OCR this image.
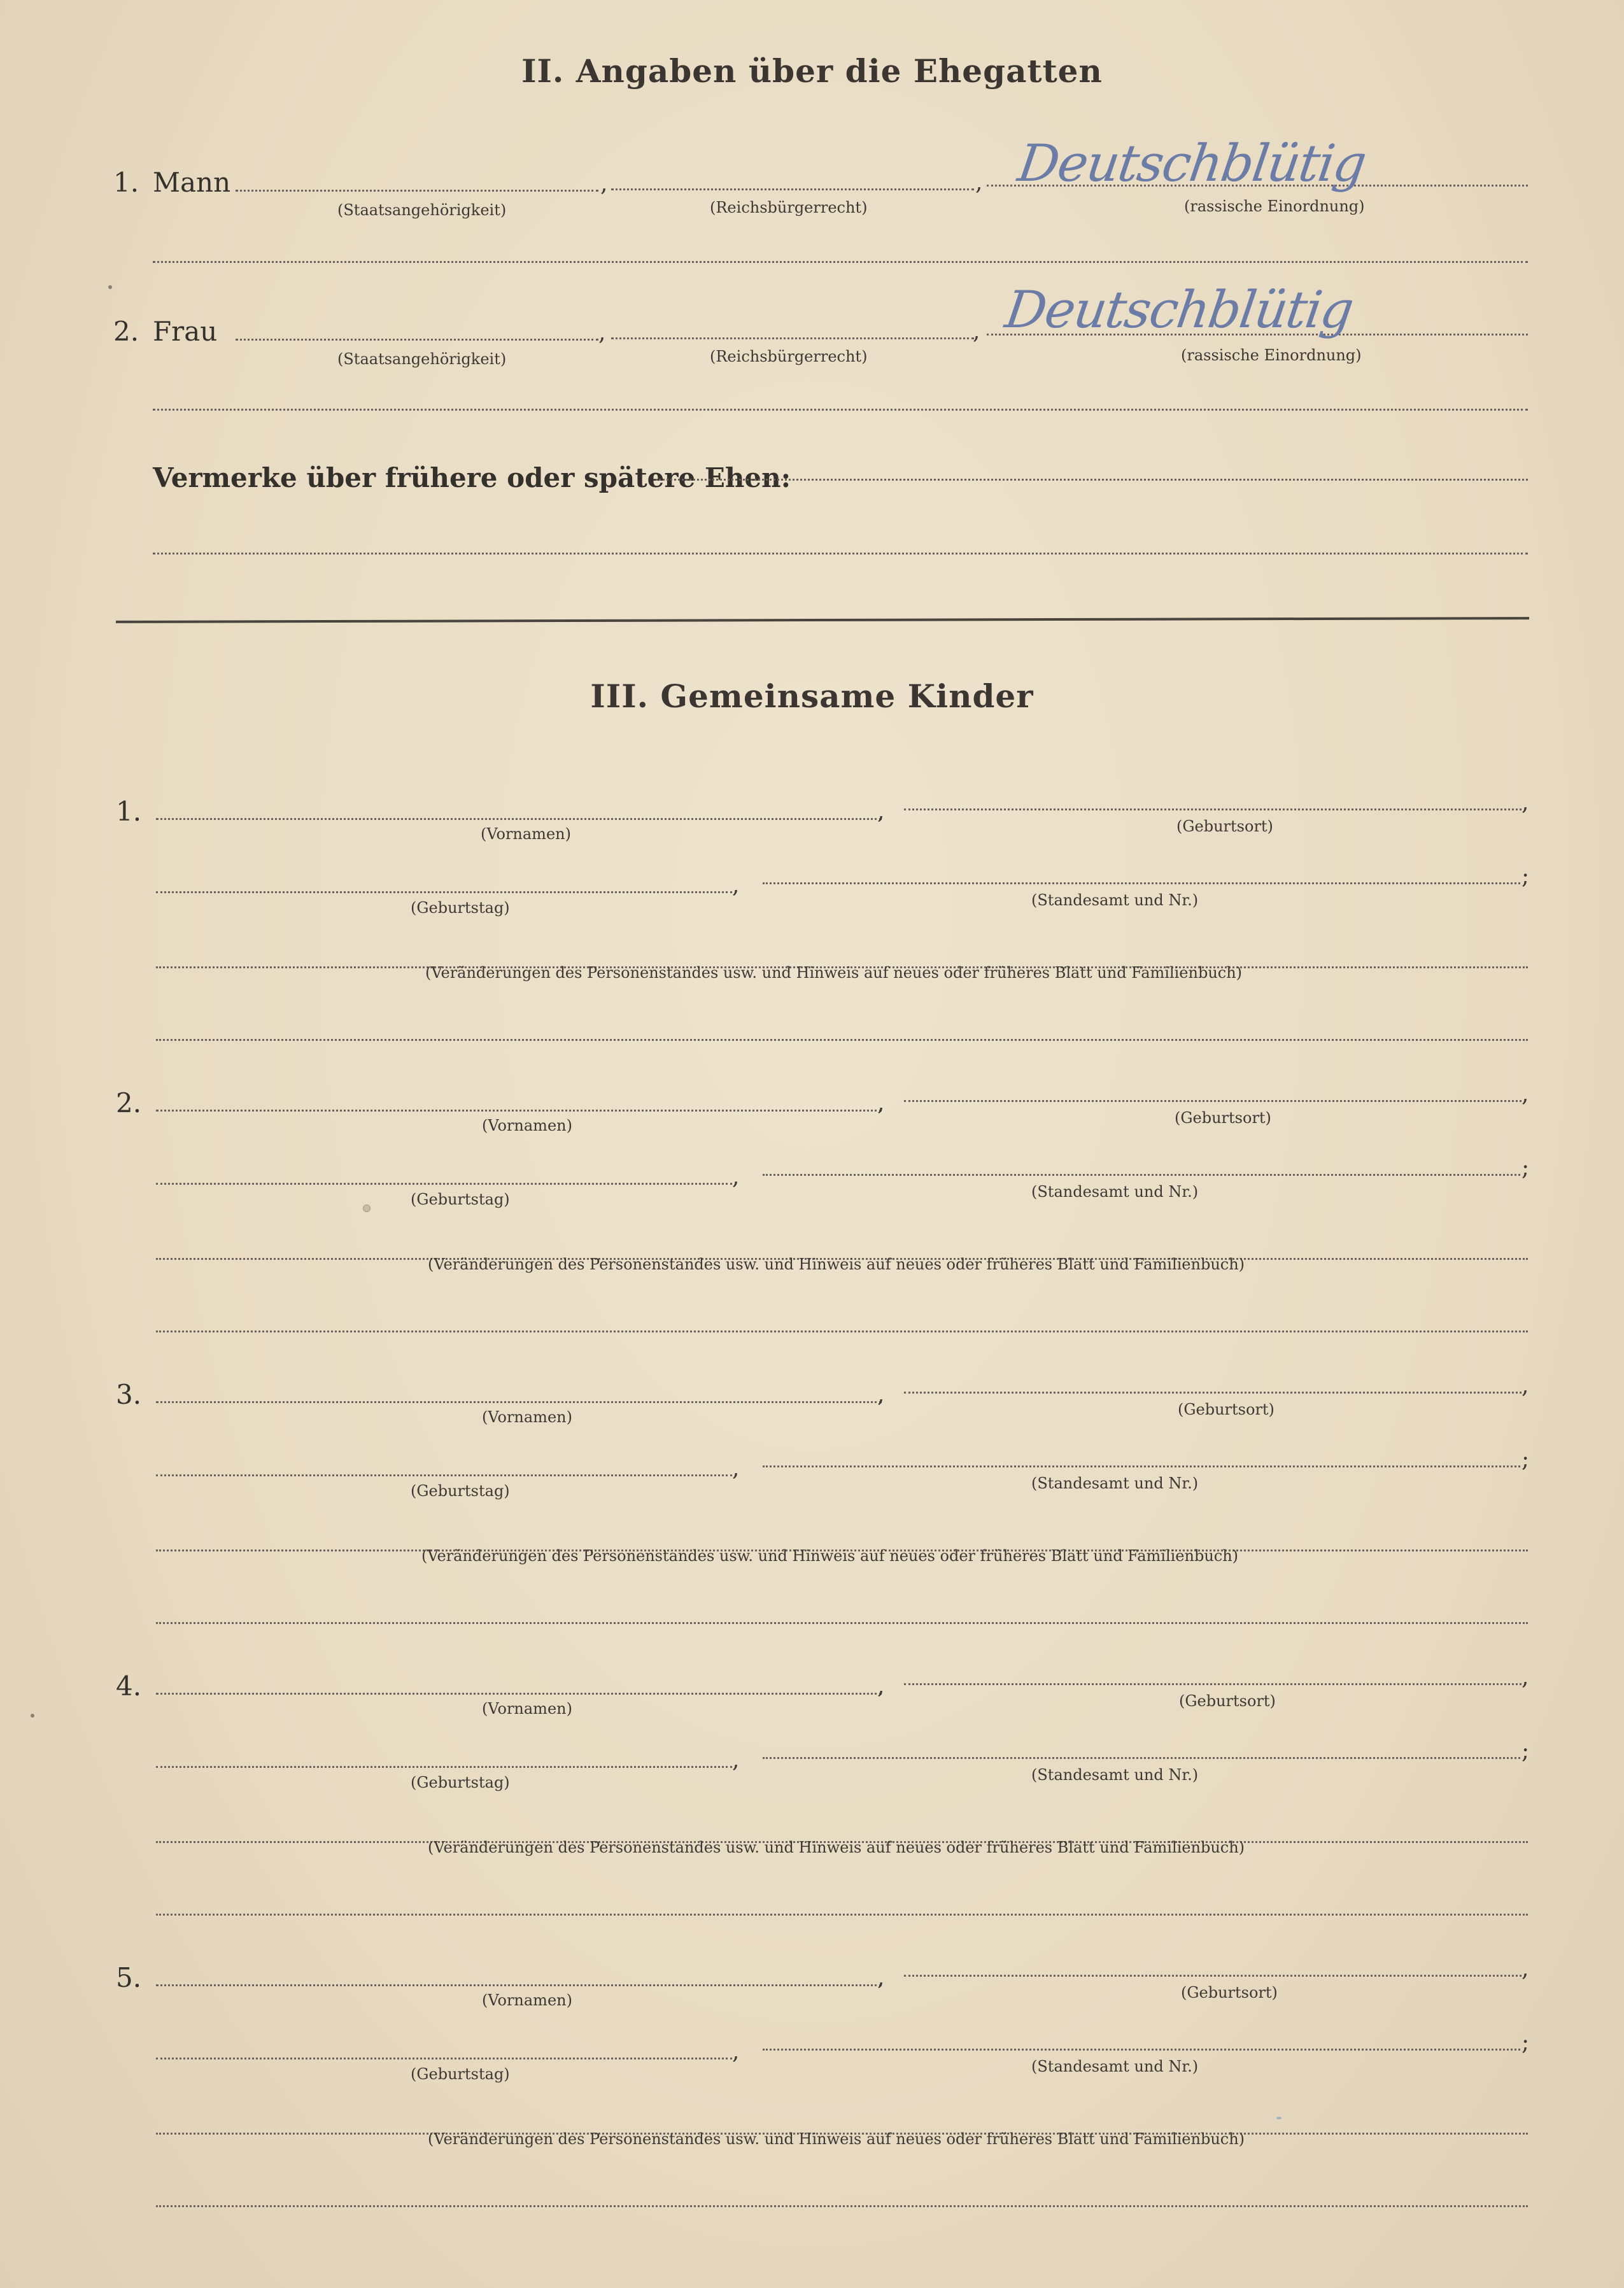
II. Angaben über die Ehegatten
1. Mann	,	, Deutschblütig
(Staatsangehörigkeit)	(Reichsbürgerrecht)	(rassische Einordnung)
2. Frau	,	, Deutschblütig
(Staatsangehörigkeit)	(Reichsbürgerrecht)	(rassische Einordnung)
Vermerke über frühere oder spätere Ehen:
III. Gemeinsame Kinder
1.	,	,
(Vornamen)	(Geburtsort)
,	;
(Geburtstag)	(Standesamt und Nr.)
(Veränderungen des Personenstandes usw. und Hinweis auf neues oder früheres Blatt und Familienbuch)
2.	,	,
(Vornamen)	(Geburtsort)
,	;
(Geburtstag)	(Standesamt und Nr.)
(Veränderungen des Personenstandes usw. und Hinweis auf neues oder früheres Blatt und Familienbuch)
3.	,	,
(Vornamen)	(Geburtsort)
,	;
(Geburtstag)	(Standesamt und Nr.)
(Veränderungen des Personenstandes usw. und Hinweis auf neues oder früheres Blatt und Familienbuch)
4.	,	,
(Vornamen)	(Geburtsort)
,	;
(Geburtstag)	(Standesamt und Nr.)
(Veränderungen des Personenstandes usw. und Hinweis auf neues oder früheres Blatt und Familienbuch)
5.	,	,
(Vornamen)	(Geburtsort)
,	;
(Geburtstag)	(Standesamt und Nr.)
(Veränderungen des Personenstandes usw. und Hinweis auf neues oder früheres Blatt und Familienbuch)
